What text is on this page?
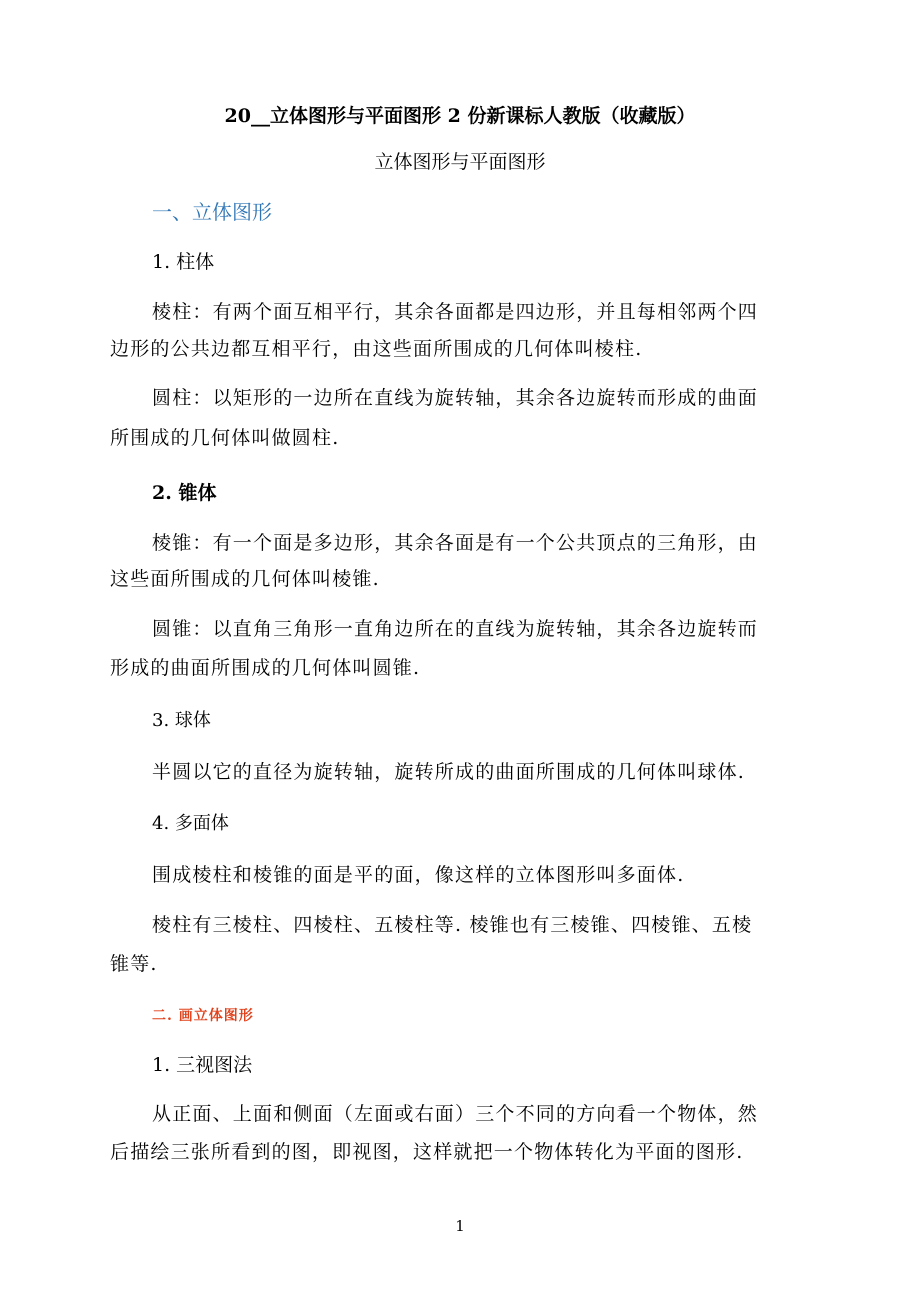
20__立体图形与平面图形 2 份新课标人教版（收藏版）
立体图形与平面图形
一、立体图形
1. 柱体
棱柱：有两个面互相平行，其余各面都是四边形，并且每相邻两个四
边形的公共边都互相平行，由这些面所围成的几何体叫棱柱.
圆柱：以矩形的一边所在直线为旋转轴，其余各边旋转而形成的曲面
所围成的几何体叫做圆柱.
2. 锥体
棱锥：有一个面是多边形，其余各面是有一个公共顶点的三角形，由
这些面所围成的几何体叫棱锥.
圆锥：以直角三角形一直角边所在的直线为旋转轴，其余各边旋转而
形成的曲面所围成的几何体叫圆锥.
3. 球体
半圆以它的直径为旋转轴，旋转所成的曲面所围成的几何体叫球体.
4. 多面体
围成棱柱和棱锥的面是平的面，像这样的立体图形叫多面体.
棱柱有三棱柱、四棱柱、五棱柱等. 棱锥也有三棱锥、四棱锥、五棱
锥等.
二. 画立体图形
1. 三视图法
从正面、上面和侧面（左面或右面）三个不同的方向看一个物体，然
后描绘三张所看到的图，即视图，这样就把一个物体转化为平面的图形.
1
